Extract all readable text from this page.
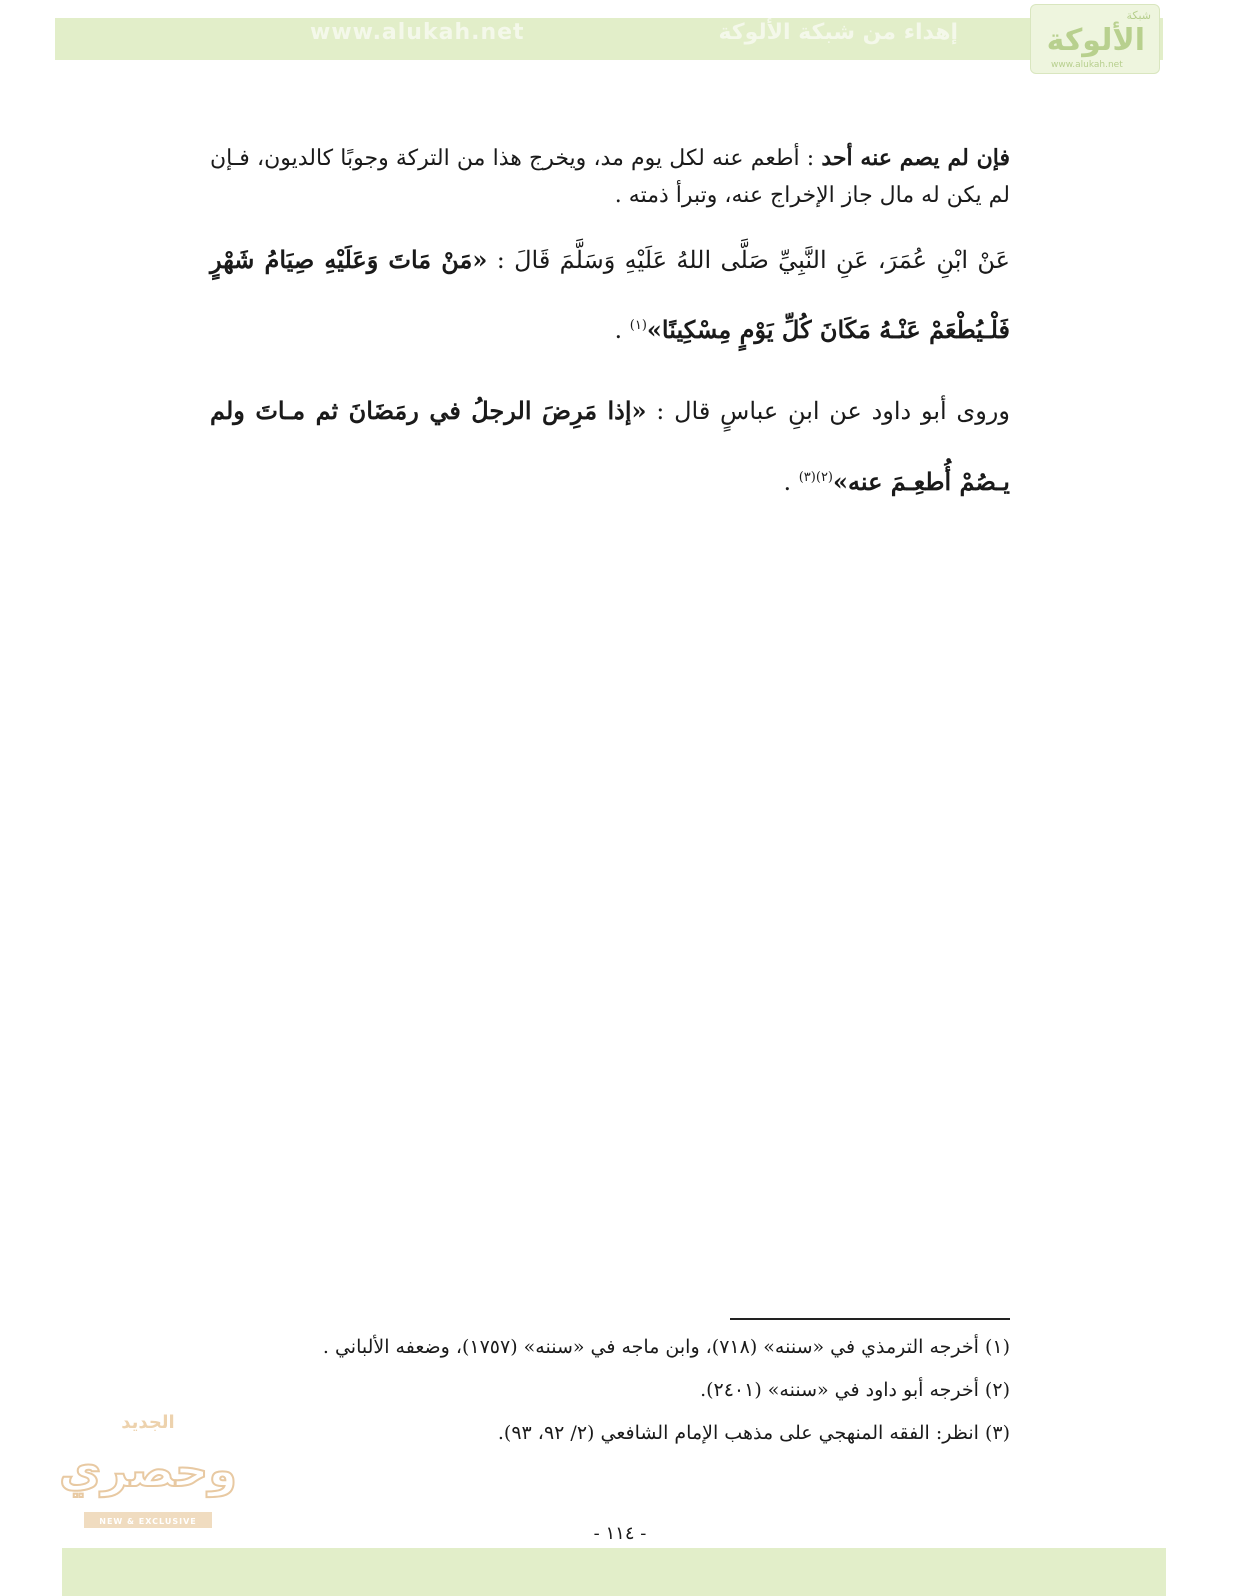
www.alukah.net	إهداء من شبكة الألوكة
شبكة
الألوكة
www.alukah.net

فإن لم يصم عنه أحد : أطعم عنه لكل يوم مد، ويخرج هذا من التركة وجوبًا كالديون، فـإن لم يكن له مال جاز الإخراج عنه، وتبرأ ذمته .

عَنْ ابْنِ عُمَرَ، عَنِ النَّبِيِّ صَلَّى اللهُ عَلَيْهِ وَسَلَّمَ قَالَ : «مَنْ مَاتَ وَعَلَيْهِ صِيَامُ شَهْرٍ فَلْـيُطْعَمْ عَنْـهُ مَكَانَ كُلِّ يَوْمٍ مِسْكِينًا»$^{(١)}$ .

وروى أبو داود عن ابنِ عباسٍ قال : «إذا مَرِضَ الرجلُ في رمَضَانَ ثم مـاتَ ولم يـصُمْ أُطعِـمَ عنه»$^{(٢)(٣)}$ .

(١) أخرجه الترمذي في «سننه» (٧١٨)، وابن ماجه في «سننه» (١٧٥٧)، وضعفه الألباني .
(٢) أخرجه أبو داود في «سننه» (٢٤٠١).
(٣) انظر: الفقه المنهجي على مذهب الإمام الشافعي (٢/ ٩٢، ٩٣).
الجديد
وحصري
NEW & EXCLUSIVE
- ١١٤ -
